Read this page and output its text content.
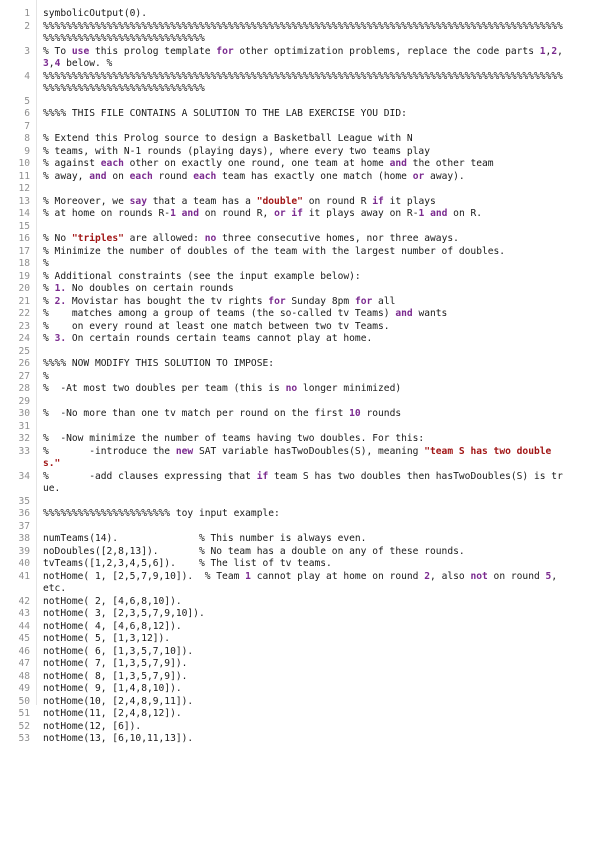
1	symbolicOutput(0).
2	%%%%%%%%%%%%%%%%%%%%%%%%%%%%%%%%%%%%%%%%%%%%%%%%%%%%%%%%%%%%%%%%%%%%%%%%%%%%%%%%%%%%%%%%%%%%%%%%%%%%%%%%%%%%%%%%%%%%%%
3	% To use this prolog template for other optimization problems, replace the code parts 1,2,3,4 below. %
4	%%%%%%%%%%%%%%%%%%%%%%%%%%%%%%%%%%%%%%%%%%%%%%%%%%%%%%%%%%%%%%%%%%%%%%%%%%%%%%%%%%%%%%%%%%%%%%%%%%%%%%%%%%%%%%%%%%%%%%
5
6	%%%% THIS FILE CONTAINS A SOLUTION TO THE LAB EXERCISE YOU DID:
7
8	% Extend this Prolog source to design a Basketball League with N
9	% teams, with N-1 rounds (playing days), where every two teams play
10	% against each other on exactly one round, one team at home and the other team
11	% away, and on each round each team has exactly one match (home or away).
12
13	% Moreover, we say that a team has a "double" on round R if it plays
14	% at home on rounds R-1 and on round R, or if it plays away on R-1 and on R.
15
16	% No "triples" are allowed: no three consecutive homes, nor three aways.
17	% Minimize the number of doubles of the team with the largest number of doubles.
18	%
19	% Additional constraints (see the input example below):
20	% 1. No doubles on certain rounds
21	% 2. Movistar has bought the tv rights for Sunday 8pm for all
22	%    matches among a group of teams (the so-called tv Teams) and wants
23	%    on every round at least one match between two tv Teams.
24	% 3. On certain rounds certain teams cannot play at home.
25
26	%%%% NOW MODIFY THIS SOLUTION TO IMPOSE:
27	%
28	%  -At most two doubles per team (this is no longer minimized)
29
30	%  -No more than one tv match per round on the first 10 rounds
31
32	%  -Now minimize the number of teams having two doubles. For this:
33	%       -introduce the new SAT variable hasTwoDoubles(S), meaning "team S has two doubles."
34	%       -add clauses expressing that if team S has two doubles then hasTwoDoubles(S) is true.
35
36	%%%%%%%%%%%%%%%%%%%%%% toy input example:
37
38	numTeams(14).              % This number is always even.
39	noDoubles([2,8,13]).       % No team has a double on any of these rounds.
40	tvTeams([1,2,3,4,5,6]).    % The list of tv teams.
41	notHome( 1, [2,5,7,9,10]).  % Team 1 cannot play at home on round 2, also not on round 5, etc.
42	notHome( 2, [4,6,8,10]).
43	notHome( 3, [2,3,5,7,9,10]).
44	notHome( 4, [4,6,8,12]).
45	notHome( 5, [1,3,12]).
46	notHome( 6, [1,3,5,7,10]).
47	notHome( 7, [1,3,5,7,9]).
48	notHome( 8, [1,3,5,7,9]).
49	notHome( 9, [1,4,8,10]).
50	notHome(10, [2,4,8,9,11]).
51	notHome(11, [2,4,8,12]).
52	notHome(12, [6]).
53	notHome(13, [6,10,11,13]).
